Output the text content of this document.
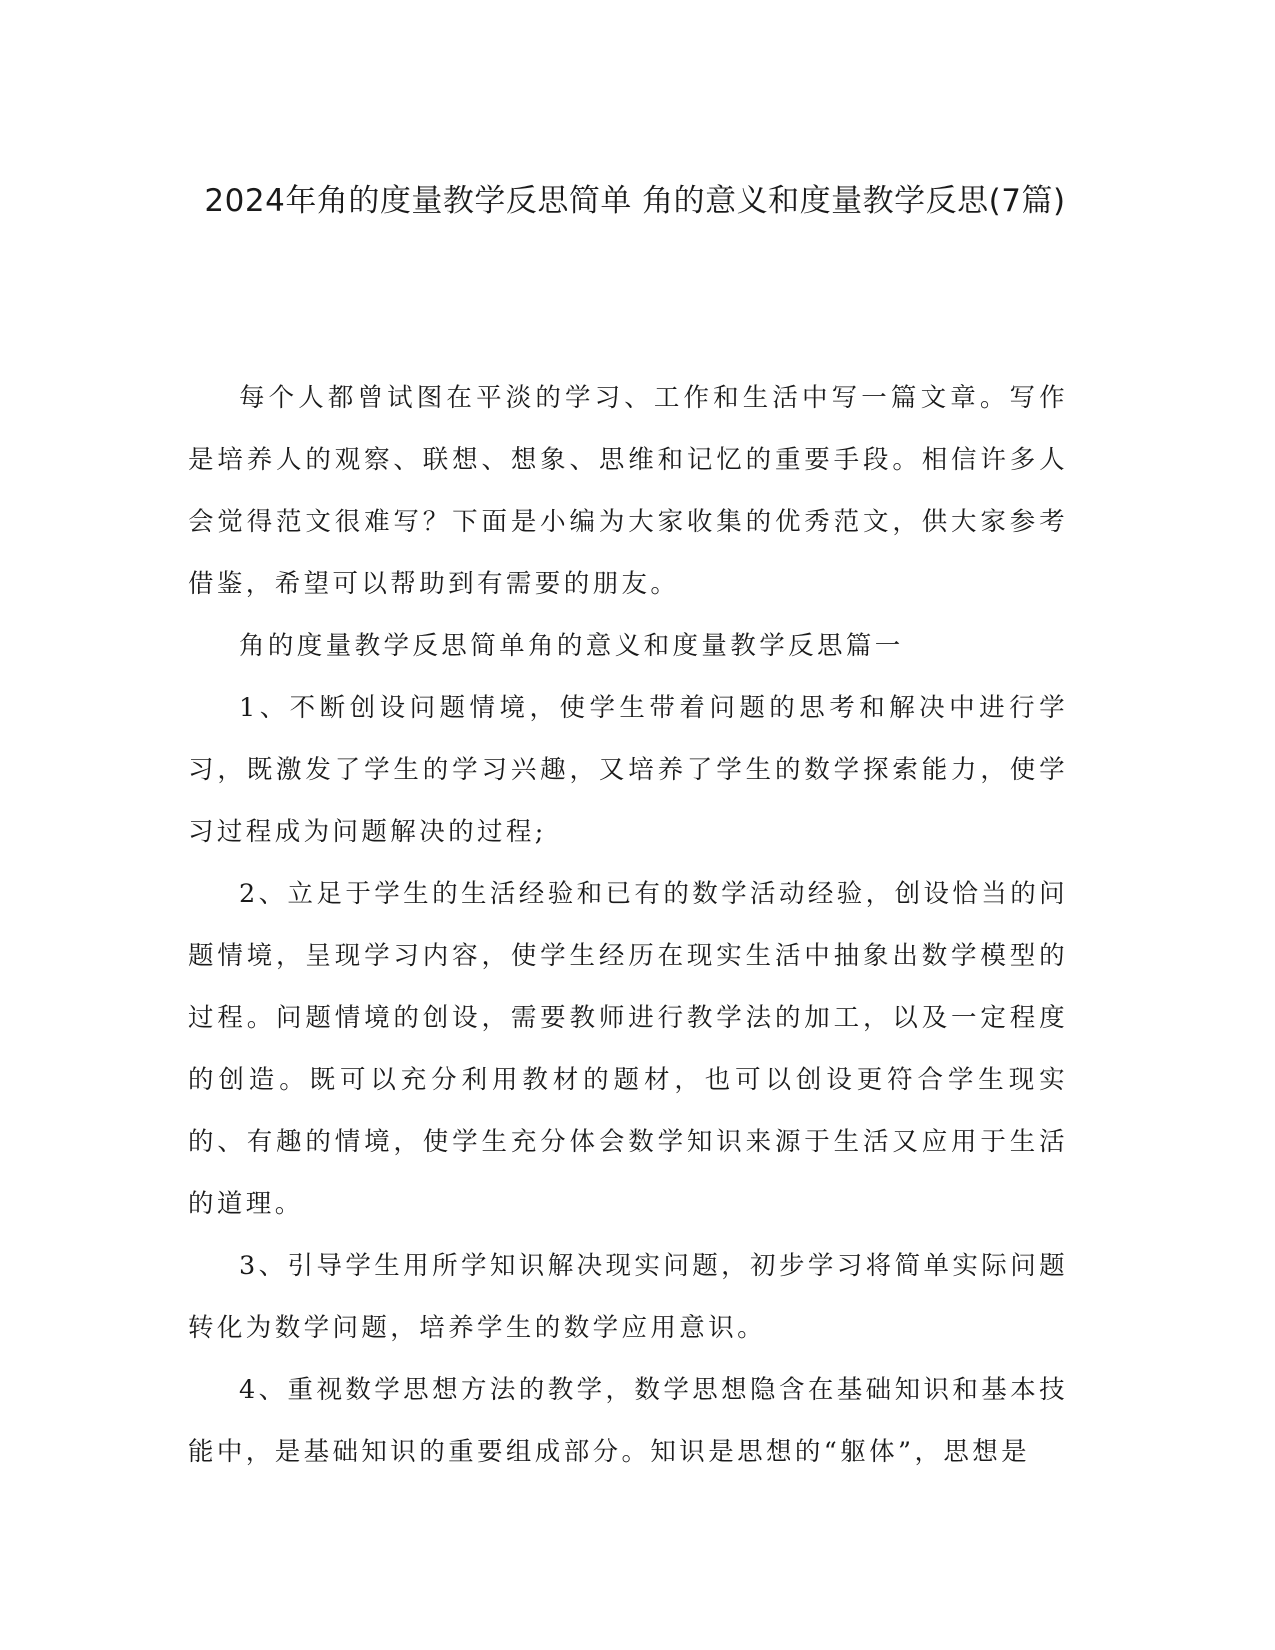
2024年角的度量教学反思简单 角的意义和度量教学反思(7篇)

每个人都曾试图在平淡的学习、工作和生活中写一篇文章。写作是培养人的观察、联想、想象、思维和记忆的重要手段。相信许多人会觉得范文很难写？下面是小编为大家收集的优秀范文，供大家参考借鉴，希望可以帮助到有需要的朋友。

角的度量教学反思简单角的意义和度量教学反思篇一

1、不断创设问题情境，使学生带着问题的思考和解决中进行学习，既激发了学生的学习兴趣，又培养了学生的数学探索能力，使学习过程成为问题解决的过程;

2、立足于学生的生活经验和已有的数学活动经验，创设恰当的问题情境，呈现学习内容，使学生经历在现实生活中抽象出数学模型的过程。问题情境的创设，需要教师进行教学法的加工，以及一定程度的创造。既可以充分利用教材的题材，也可以创设更符合学生现实的、有趣的情境，使学生充分体会数学知识来源于生活又应用于生活的道理。

3、引导学生用所学知识解决现实问题，初步学习将简单实际问题转化为数学问题，培养学生的数学应用意识。

4、重视数学思想方法的教学，数学思想隐含在基础知识和基本技能中，是基础知识的重要组成部分。知识是思想的“躯体”，思想是
